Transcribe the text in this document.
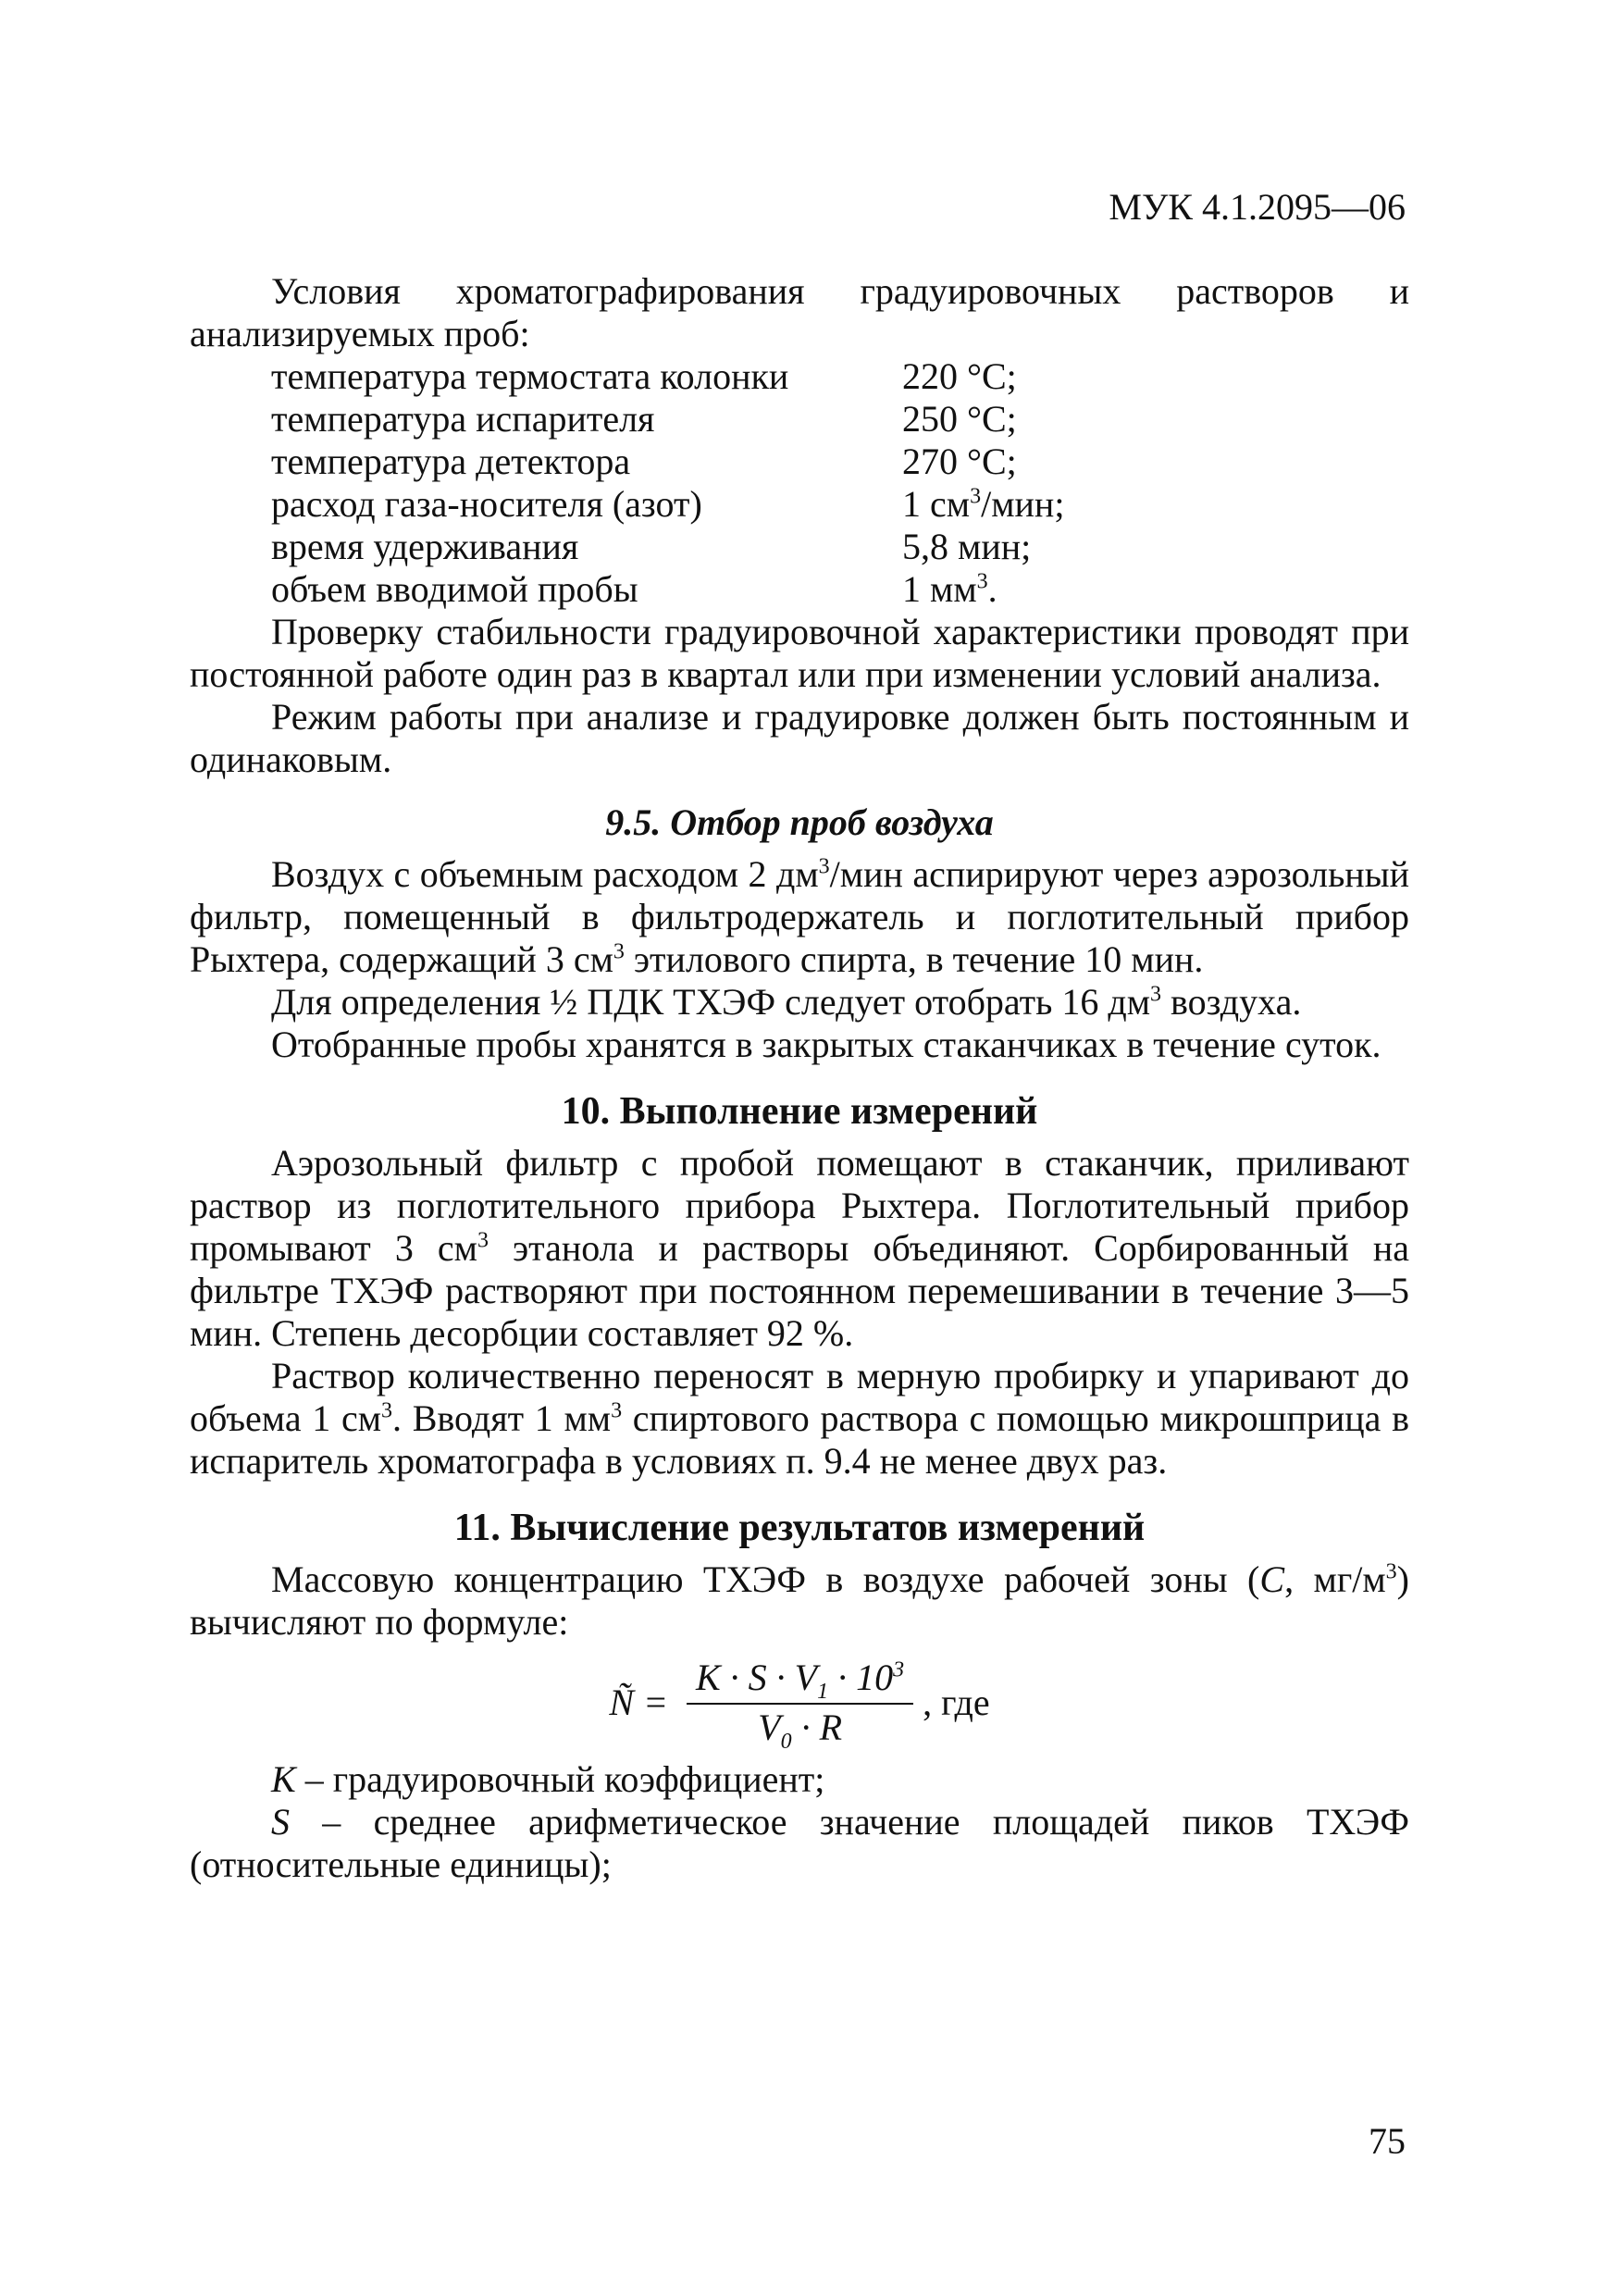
МУК 4.1.2095—06

Условия хроматографирования градуировочных растворов и анализируемых проб:

температура термостата колонки	220 °С;
температура испарителя	250 °С;
температура детектора	270 °С;
расход газа-носителя (азот)	1 $см^3$/мин;
время удерживания	5,8 мин;
объем вводимой пробы	1 $мм^3$.

Проверку стабильности градуировочной характеристики проводят при постоянной работе один раз в квартал или при изменении условий анализа.

Режим работы при анализе и градуировке должен быть постоянным и одинаковым.

9.5. Отбор проб воздуха

Воздух с объемным расходом 2 $дм^3$/мин аспирируют через аэрозольный фильтр, помещенный в фильтродержатель и поглотительный прибор Рыхтера, содержащий 3 $см^3$ этилового спирта, в течение 10 мин.

Для определения ½ ПДК ТХЭФ следует отобрать 16 $дм^3$ воздуха.

Отобранные пробы хранятся в закрытых стаканчиках в течение суток.

10. Выполнение измерений

Аэрозольный фильтр с пробой помещают в стаканчик, приливают раствор из поглотительного прибора Рыхтера. Поглотительный прибор промывают 3 $см^3$ этанола и растворы объединяют. Сорбированный на фильтре ТХЭФ растворяют при постоянном перемешивании в течение 3—5 мин. Степень десорбции составляет 92 %.

Раствор количественно переносят в мерную пробирку и упаривают до объема 1 $см^3$. Вводят 1 $мм^3$ спиртового раствора с помощью микрошприца в испаритель хроматографа в условиях п. 9.4 не менее двух раз.

11. Вычисление результатов измерений

Массовую концентрацию ТХЭФ в воздухе рабочей зоны (С, $мг/м^3$) вычисляют по формуле:

Ñ = $\frac{K \cdot S \cdot V_1 \cdot 10^3}{V_0 \cdot R}$ , где

K – градуировочный коэффициент;

S – среднее арифметическое значение площадей пиков ТХЭФ (относительные единицы);

75
